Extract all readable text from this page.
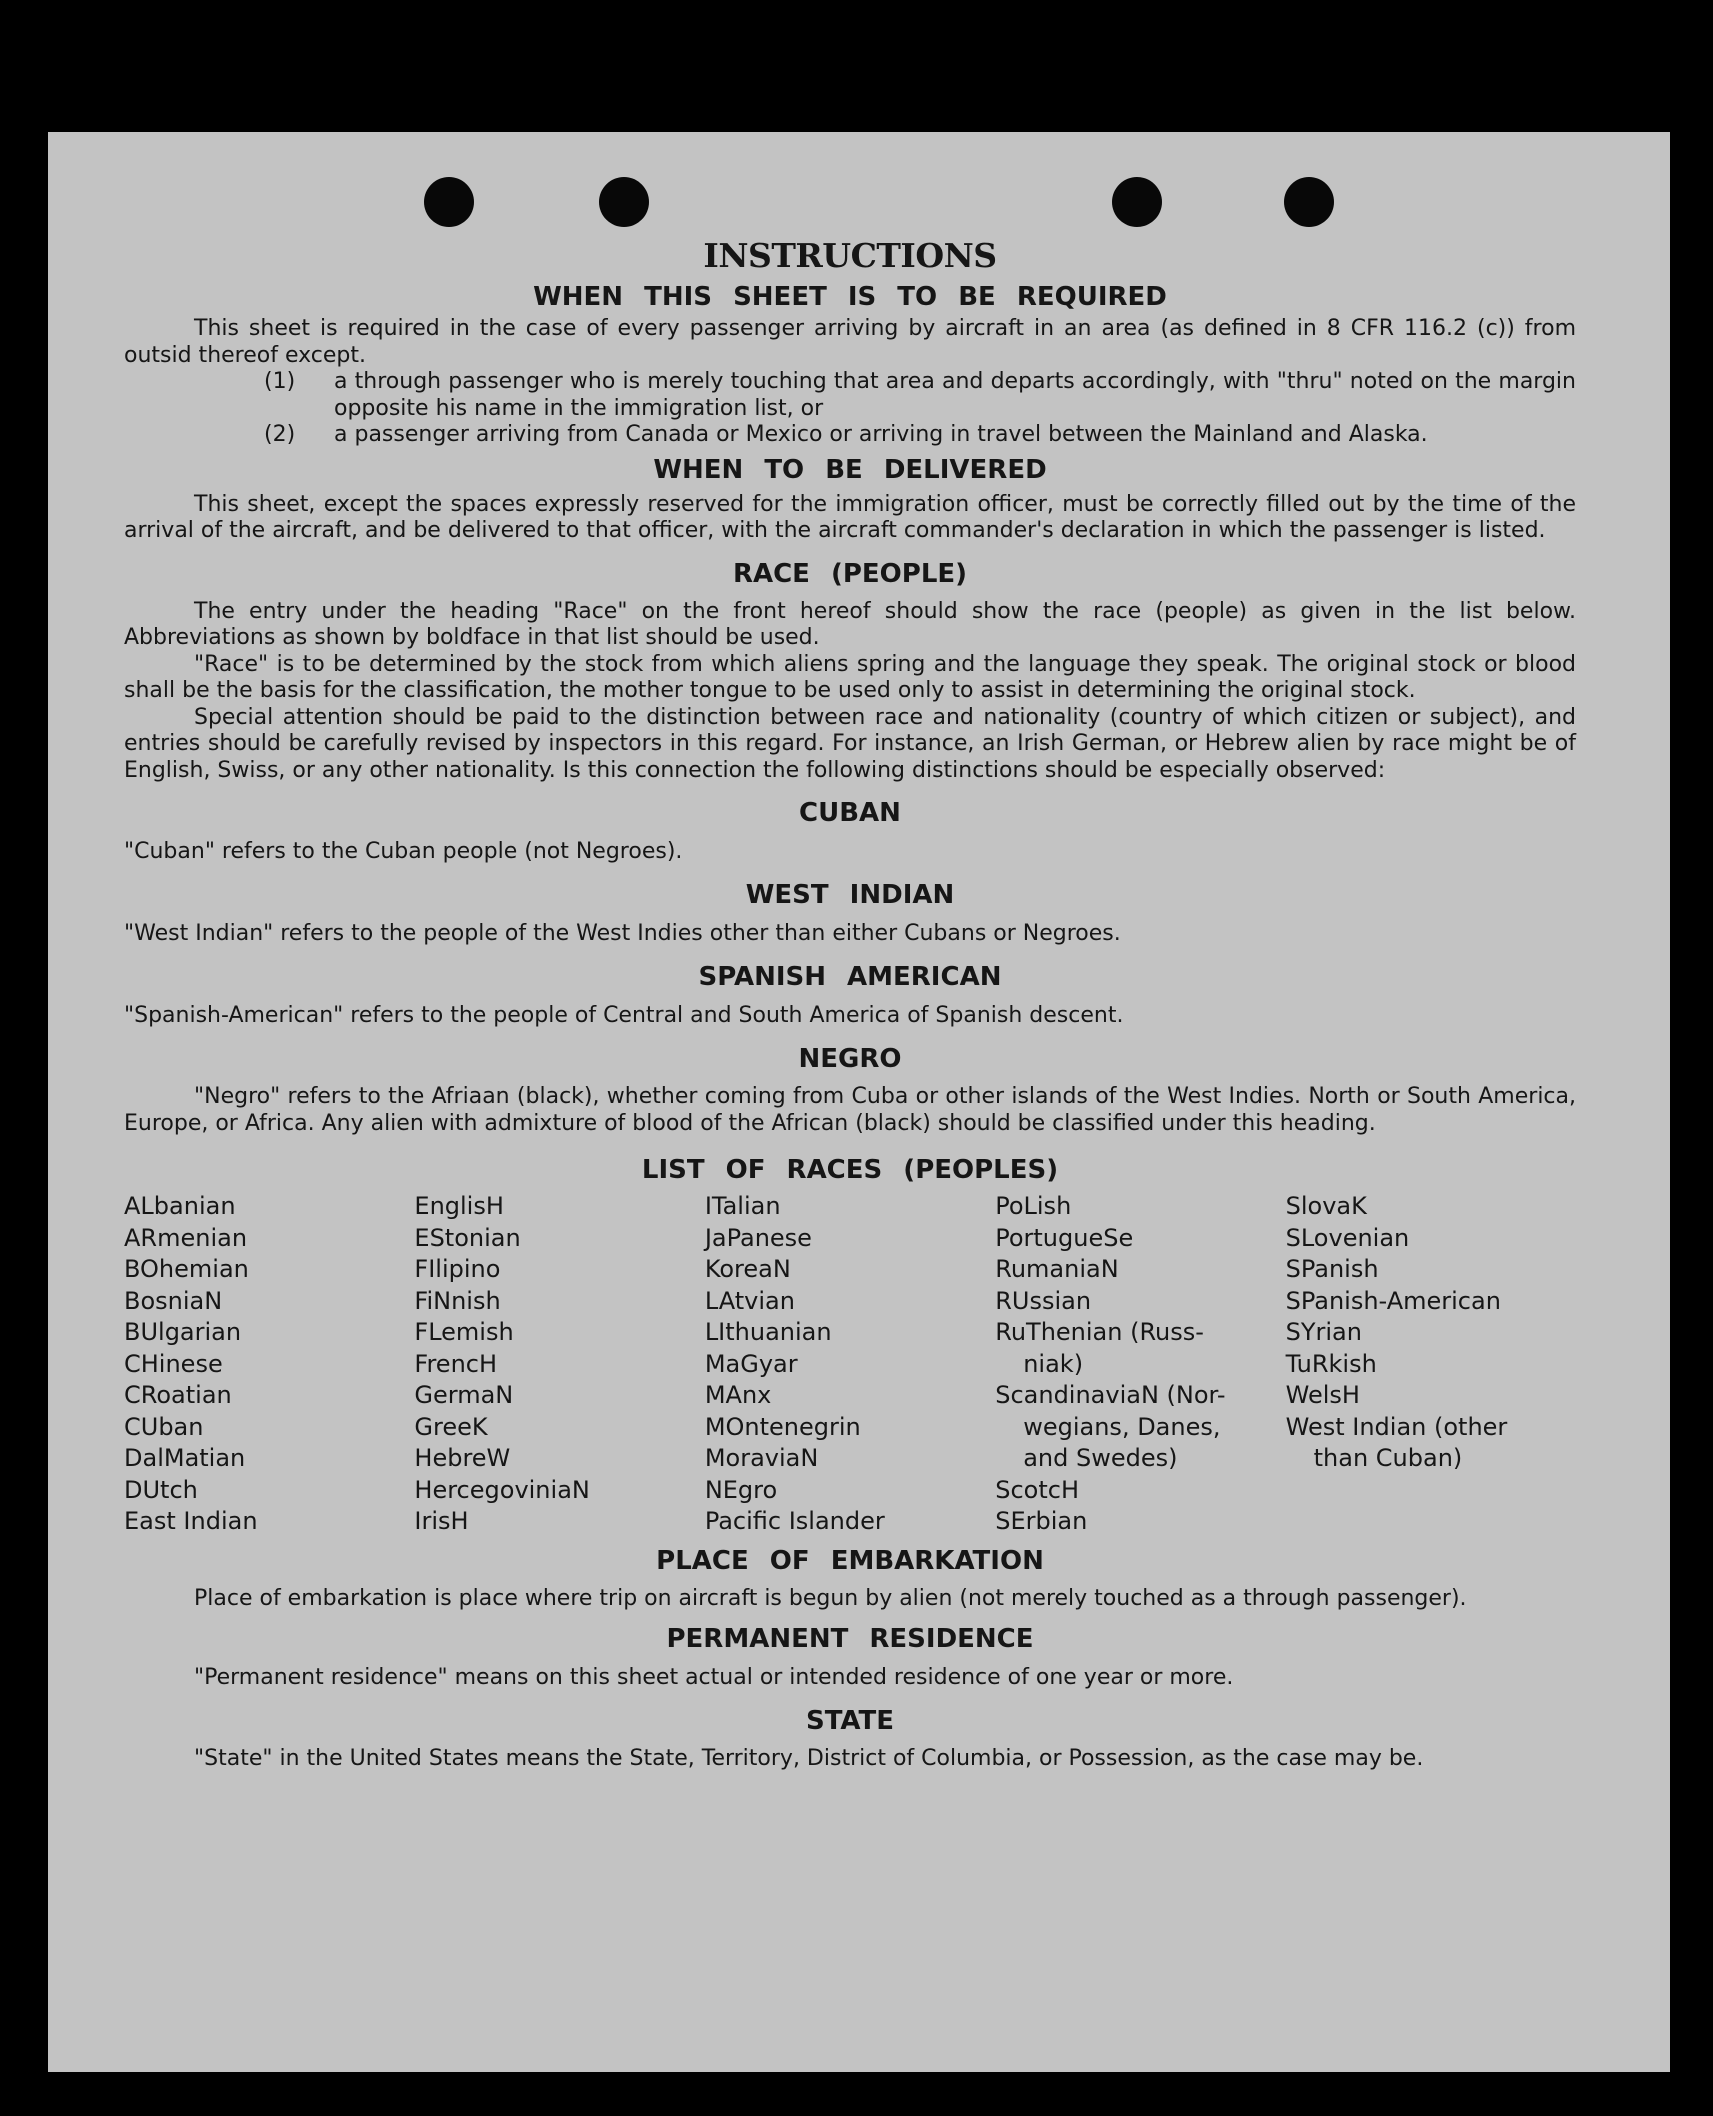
INSTRUCTIONS
WHEN THIS SHEET IS TO BE REQUIRED

This sheet is required in the case of every passenger arriving by aircraft in an area (as defined in 8 CFR 116.2 (c)) from outsid thereof except.

(1)	a through passenger who is merely touching that area and departs accordingly, with "thru" noted on the margin opposite his name in the immigration list, or
(2)	a passenger arriving from Canada or Mexico or arriving in travel between the Mainland and Alaska.
WHEN TO BE DELIVERED

This sheet, except the spaces expressly reserved for the immigration officer, must be correctly filled out by the time of the arrival of the aircraft, and be delivered to that officer, with the aircraft commander's declaration in which the passenger is listed.

RACE (PEOPLE)

The entry under the heading "Race" on the front hereof should show the race (people) as given in the list below. Abbreviations as shown by boldface in that list should be used.

"Race" is to be determined by the stock from which aliens spring and the language they speak. The original stock or blood shall be the basis for the classification, the mother tongue to be used only to assist in determining the original stock.

Special attention should be paid to the distinction between race and nationality (country of which citizen or subject), and entries should be carefully revised by inspectors in this regard. For instance, an Irish German, or Hebrew alien by race might be of English, Swiss, or any other nationality. Is this connection the following distinctions should be especially observed:

CUBAN
"Cuban" refers to the Cuban people (not Negroes).
WEST INDIAN
"West Indian" refers to the people of the West Indies other than either Cubans or Negroes.
SPANISH AMERICAN
"Spanish-American" refers to the people of Central and South America of Spanish descent.
NEGRO

"Negro" refers to the Afriaan (black), whether coming from Cuba or other islands of the West Indies. North or South America, Europe, or Africa. Any alien with admixture of blood of the African (black) should be classified under this heading.

LIST OF RACES (PEOPLES)
ALbanian
ARmenian
BOhemian
BosniaN
BUlgarian
CHinese
CRoatian
CUban
DalMatian
DUtch
East Indian
EnglisH
EStonian
FIlipino
FiNnish
FLemish
FrencH
GermaN
GreeK
HebreW
HercegoviniaN
IrisH
ITalian
JaPanese
KoreaN
LAtvian
LIthuanian
MaGyar
MAnx
MOntenegrin
MoraviaN
NEgro
Pacific Islander
PoLish
PortugueSe
RumaniaN
RUssian
RuThenian (Russ-
niak)
ScandinaviaN (Nor-
wegians, Danes,
and Swedes)
ScotcH
SErbian
SlovaK
SLovenian
SPanish
SPanish-American
SYrian
TuRkish
WelsH
West Indian (other
than Cuban)
PLACE OF EMBARKATION

Place of embarkation is place where trip on aircraft is begun by alien (not merely touched as a through passenger).

PERMANENT RESIDENCE
"Permanent residence" means on this sheet actual or intended residence of one year or more.
STATE

"State" in the United States means the State, Territory, District of Columbia, or Possession, as the case may be.
